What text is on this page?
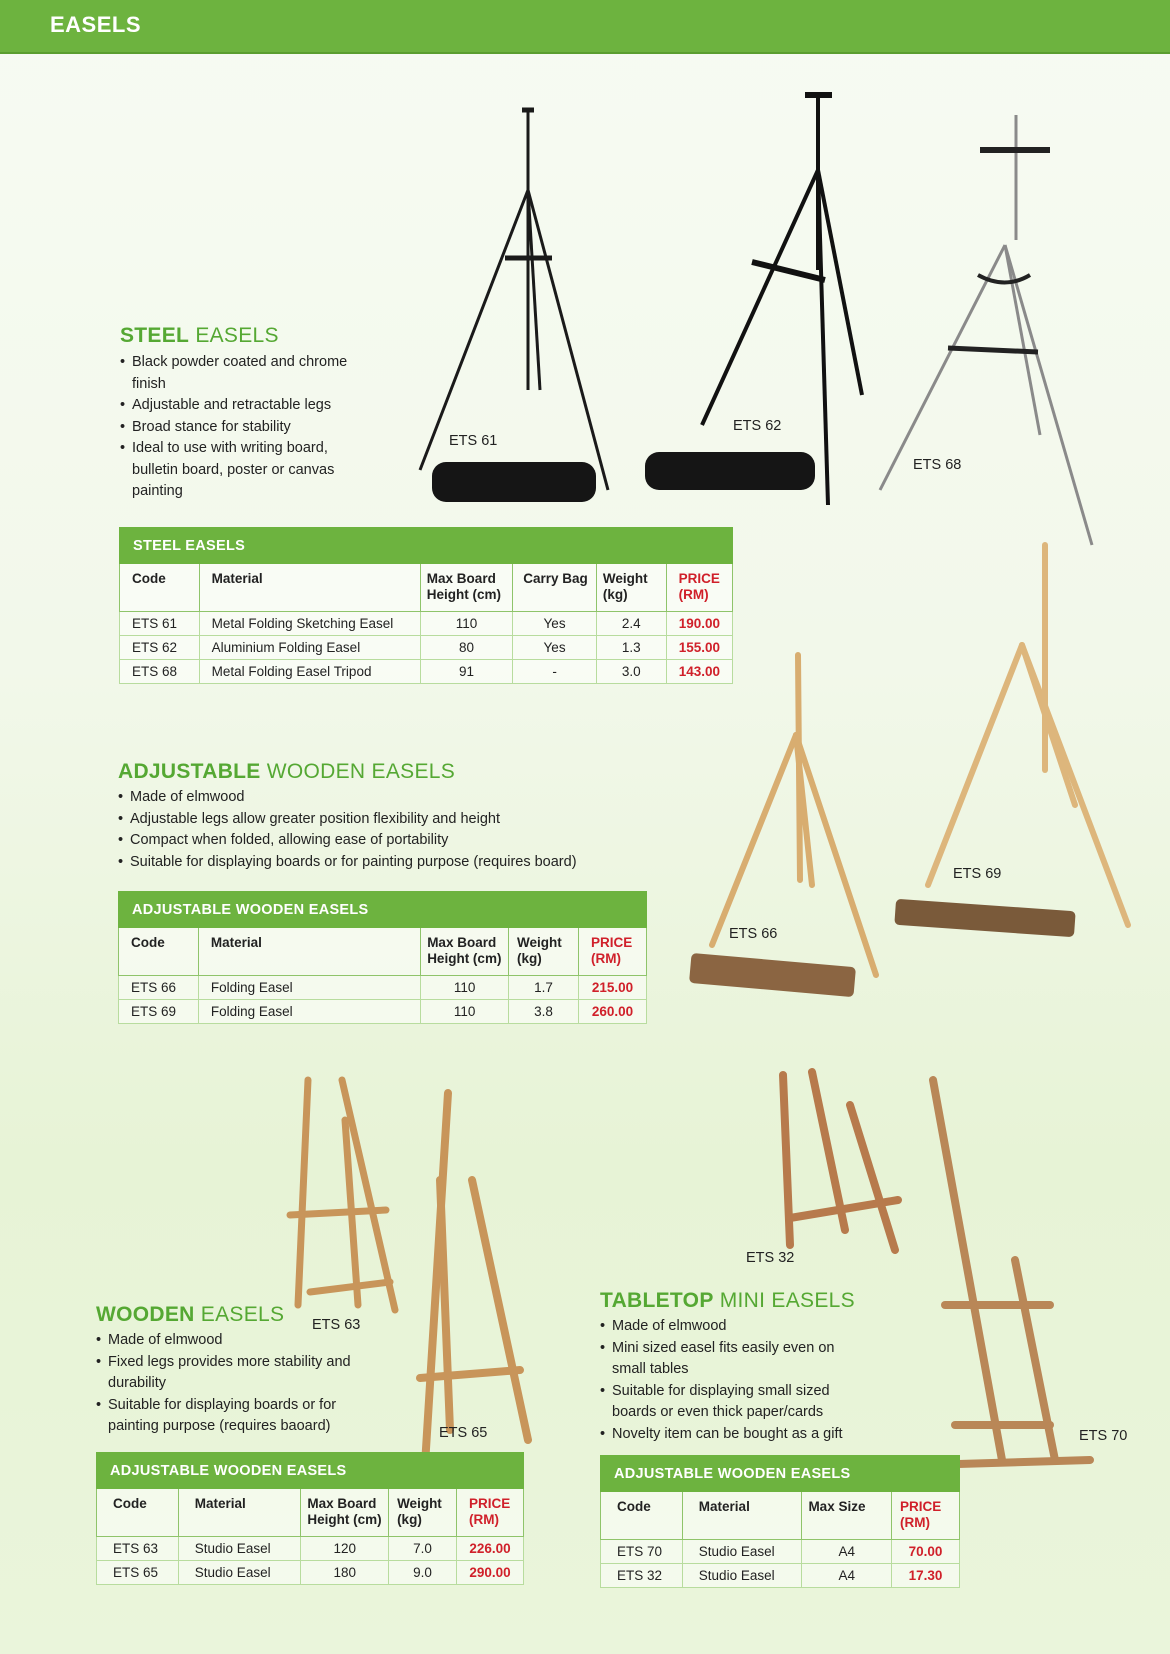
EASELS
ETS 61
ETS 62
ETS 68
ETS 66
ETS 69
ETS 63
ETS 65
ETS 32
ETS 70
STEEL EASELS
• Black powder coated and chrome finish
• Adjustable and retractable legs
• Broad stance for stability
• Ideal to use with writing board, bulletin board, poster or canvas painting
STEEL EASELS					
Code	Material	Max Board Height (cm)	Carry Bag	Weight (kg)	PRICE (RM)
ETS 61	Metal Folding Sketching Easel	110	Yes	2.4	190.00
ETS 62	Aluminium Folding Easel	80	Yes	1.3	155.00
ETS 68	Metal Folding Easel Tripod	91	-	3.0	143.00
ADJUSTABLE WOODEN EASELS
• Made of elmwood
• Adjustable legs allow greater position flexibility and height
• Compact when folded, allowing ease of portability
• Suitable for displaying boards or for painting purpose (requires board)
ADJUSTABLE WOODEN EASELS				
Code	Material	Max Board Height (cm)	Weight (kg)	PRICE (RM)
ETS 66	Folding Easel	110	1.7	215.00
ETS 69	Folding Easel	110	3.8	260.00
WOODEN EASELS
• Made of elmwood
• Fixed legs provides more stability and durability
• Suitable for displaying boards or for painting purpose (requires baoard)
ADJUSTABLE WOODEN EASELS				
Code	Material	Max Board Height (cm)	Weight (kg)	PRICE (RM)
ETS 63	Studio Easel	120	7.0	226.00
ETS 65	Studio Easel	180	9.0	290.00
TABLETOP MINI EASELS
• Made of elmwood
• Mini sized easel fits easily even on small tables
• Suitable for displaying small sized boards or even thick paper/cards
• Novelty item can be bought as a gift
ADJUSTABLE WOODEN EASELS			
Code	Material	Max Size	PRICE (RM)
ETS 70	Studio Easel	A4	70.00
ETS 32	Studio Easel	A4	17.30
